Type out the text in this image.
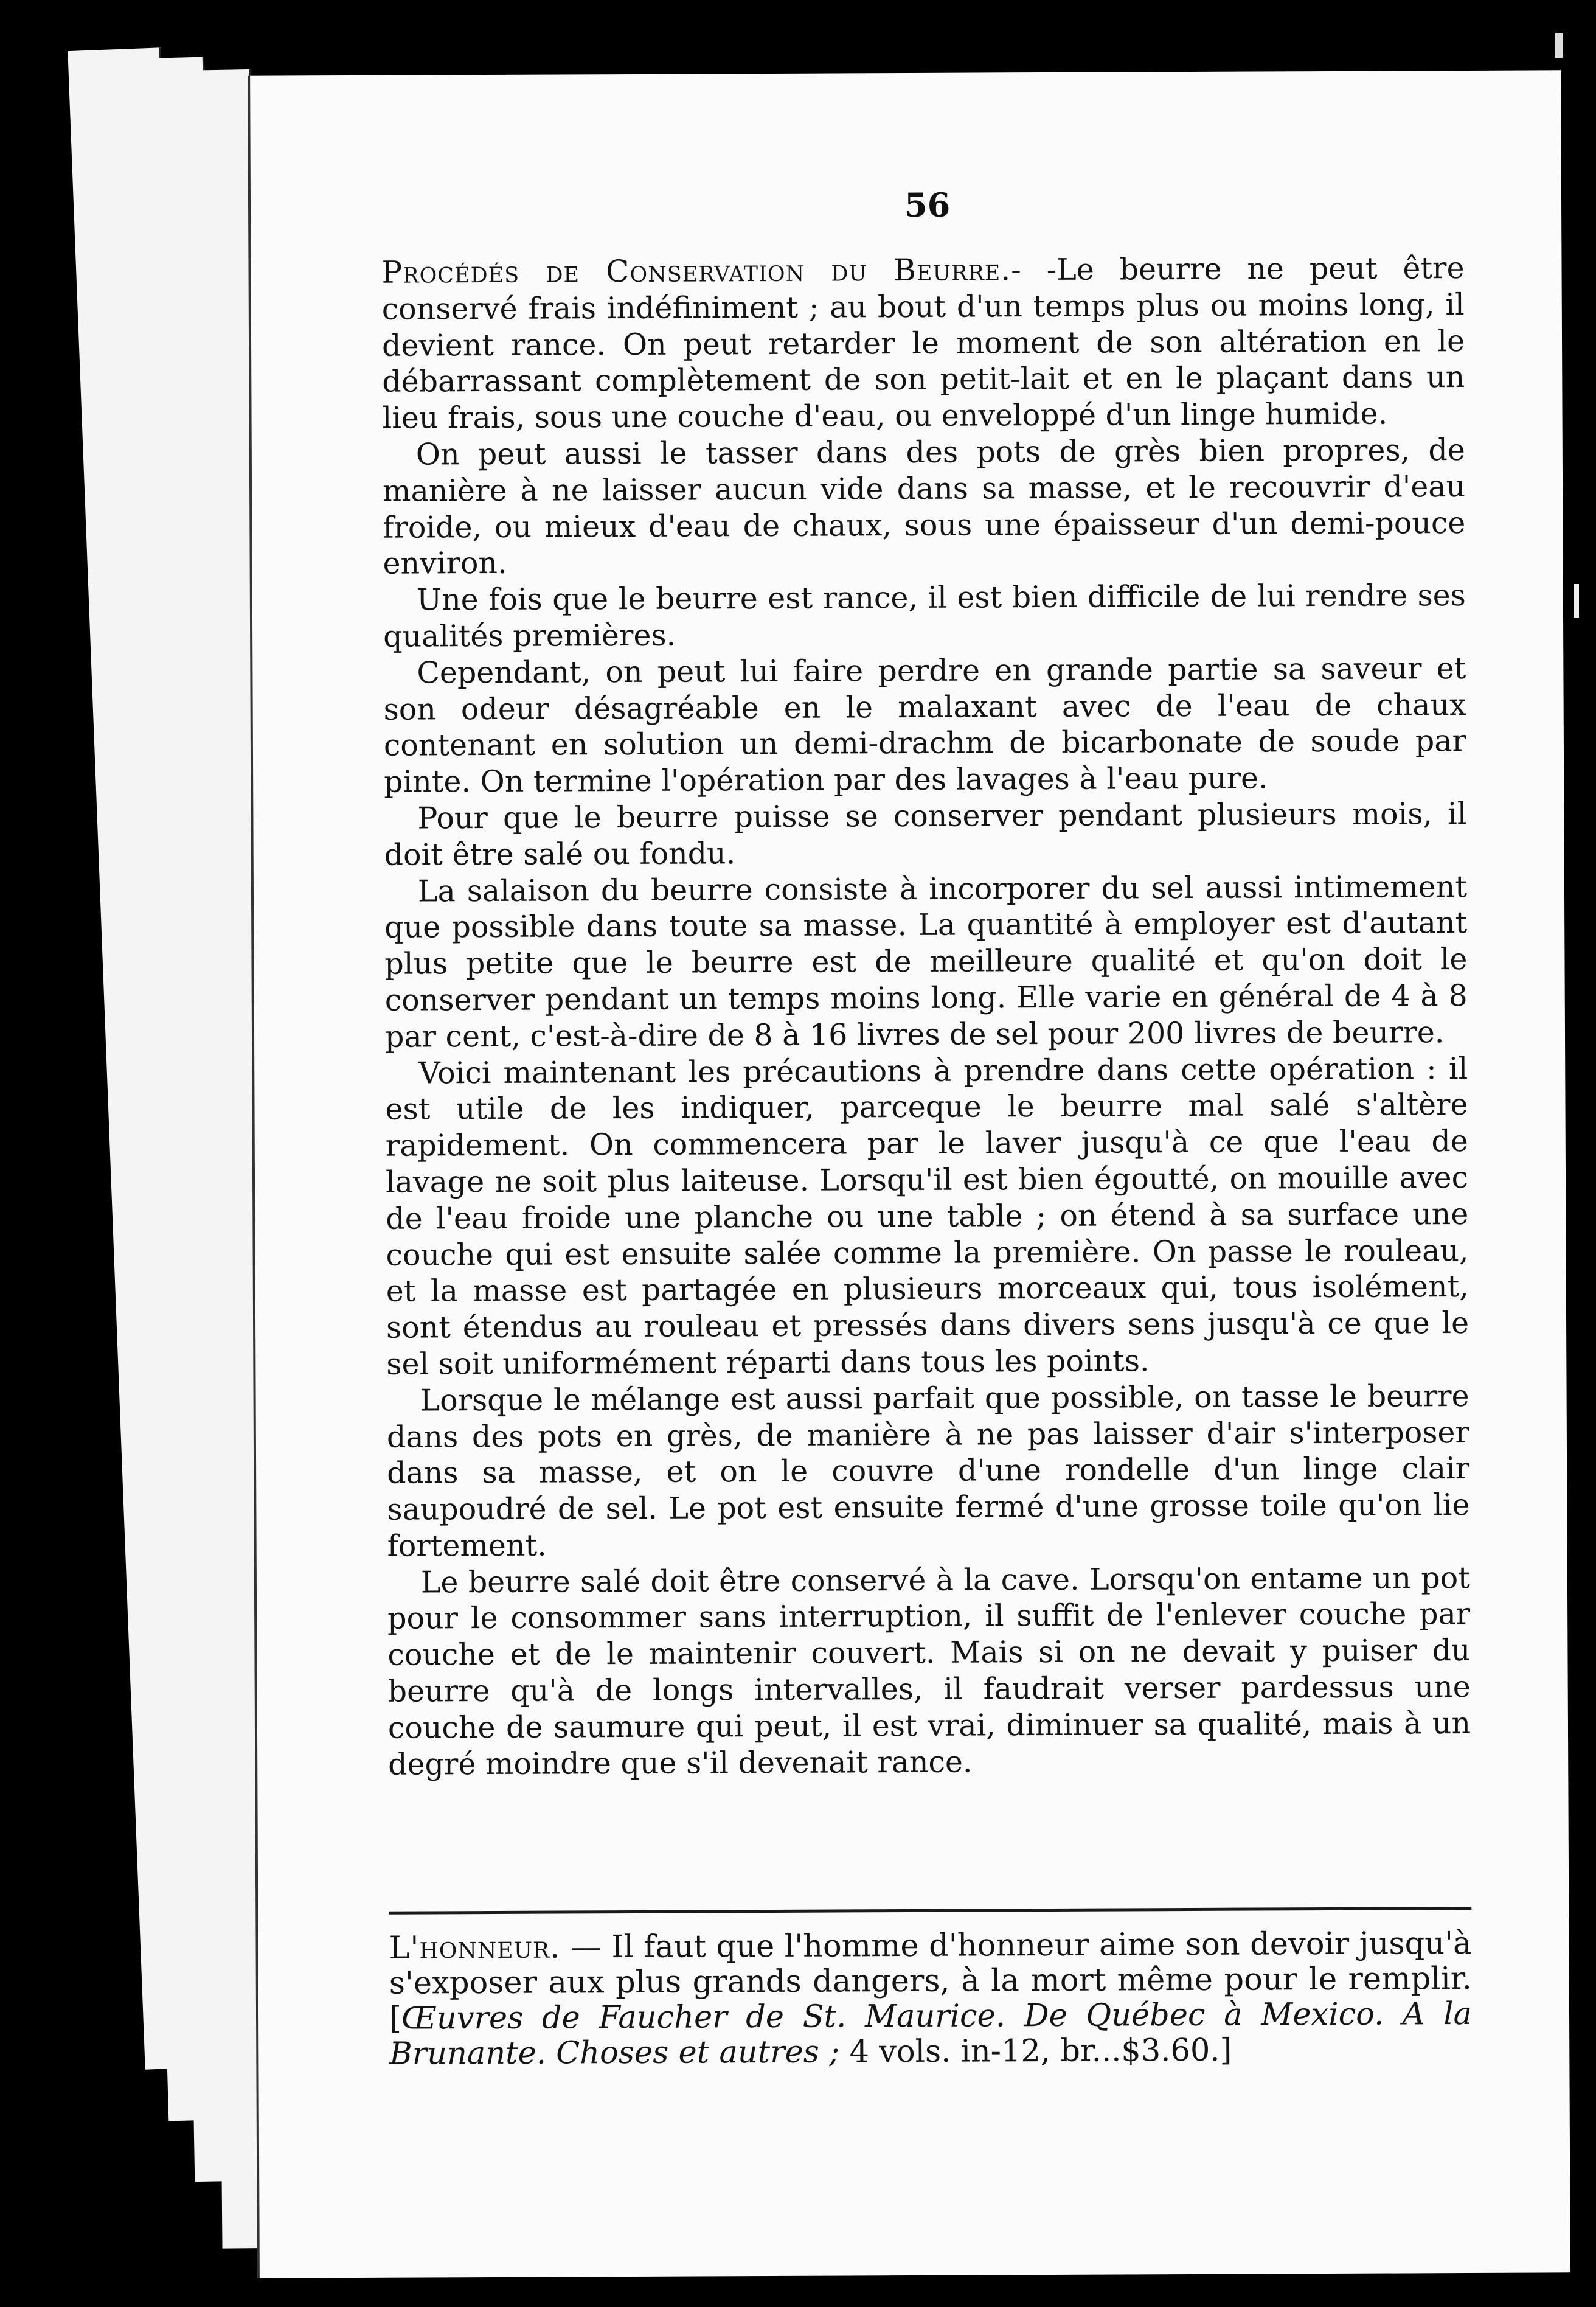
56

Procédés de Conservation du Beurre.- -Le beurre ne peut être conservé frais indéfiniment ; au bout d'un temps plus ou moins long, il devient rance. On peut retarder le moment de son altération en le débarrassant complètement de son petit-lait et en le plaçant dans un lieu frais, sous une couche d'eau, ou enveloppé d'un linge humide.

On peut aussi le tasser dans des pots de grès bien propres, de manière à ne laisser aucun vide dans sa masse, et le recouvrir d'eau froide, ou mieux d'eau de chaux, sous une épaisseur d'un demi-pouce environ.

Une fois que le beurre est rance, il est bien difficile de lui rendre ses qualités premières.

Cependant, on peut lui faire perdre en grande partie sa saveur et son odeur désagréable en le malaxant avec de l'eau de chaux contenant en solution un demi-drachm de bicarbonate de soude par pinte. On termine l'opération par des lavages à l'eau pure.

Pour que le beurre puisse se conserver pendant plusieurs mois, il doit être salé ou fondu.

La salaison du beurre consiste à incorporer du sel aussi intimement que possible dans toute sa masse. La quantité à employer est d'autant plus petite que le beurre est de meilleure qualité et qu'on doit le conserver pendant un temps moins long. Elle varie en général de 4 à 8 par cent, c'est-à-dire de 8 à 16 livres de sel pour 200 livres de beurre.

Voici maintenant les précautions à prendre dans cette opération : il est utile de les indiquer, parceque le beurre mal salé s'altère rapidement. On commencera par le laver jusqu'à ce que l'eau de lavage ne soit plus laiteuse. Lorsqu'il est bien égoutté, on mouille avec de l'eau froide une planche ou une table ; on étend à sa surface une couche qui est ensuite salée comme la première. On passe le rouleau, et la masse est partagée en plusieurs morceaux qui, tous isolément, sont étendus au rouleau et pressés dans divers sens jusqu'à ce que le sel soit uniformément réparti dans tous les points.

Lorsque le mélange est aussi parfait que possible, on tasse le beurre dans des pots en grès, de manière à ne pas laisser d'air s'interposer dans sa masse, et on le couvre d'une rondelle d'un linge clair saupoudré de sel. Le pot est ensuite fermé d'une grosse toile qu'on lie fortement.

Le beurre salé doit être conservé à la cave. Lorsqu'on entame un pot pour le consommer sans interruption, il suffit de l'enlever couche par couche et de le maintenir couvert. Mais si on ne devait y puiser du beurre qu'à de longs intervalles, il faudrait verser pardessus une couche de saumure qui peut, il est vrai, diminuer sa qualité, mais à un degré moindre que s'il devenait rance.

L'honneur. — Il faut que l'homme d'honneur aime son devoir jusqu'à s'exposer aux plus grands dangers, à la mort même pour le remplir. [Œuvres de Faucher de St. Maurice. De Québec à Mexico. A la Brunante. Choses et autres ; 4 vols. in-12, br...$3.60.]
